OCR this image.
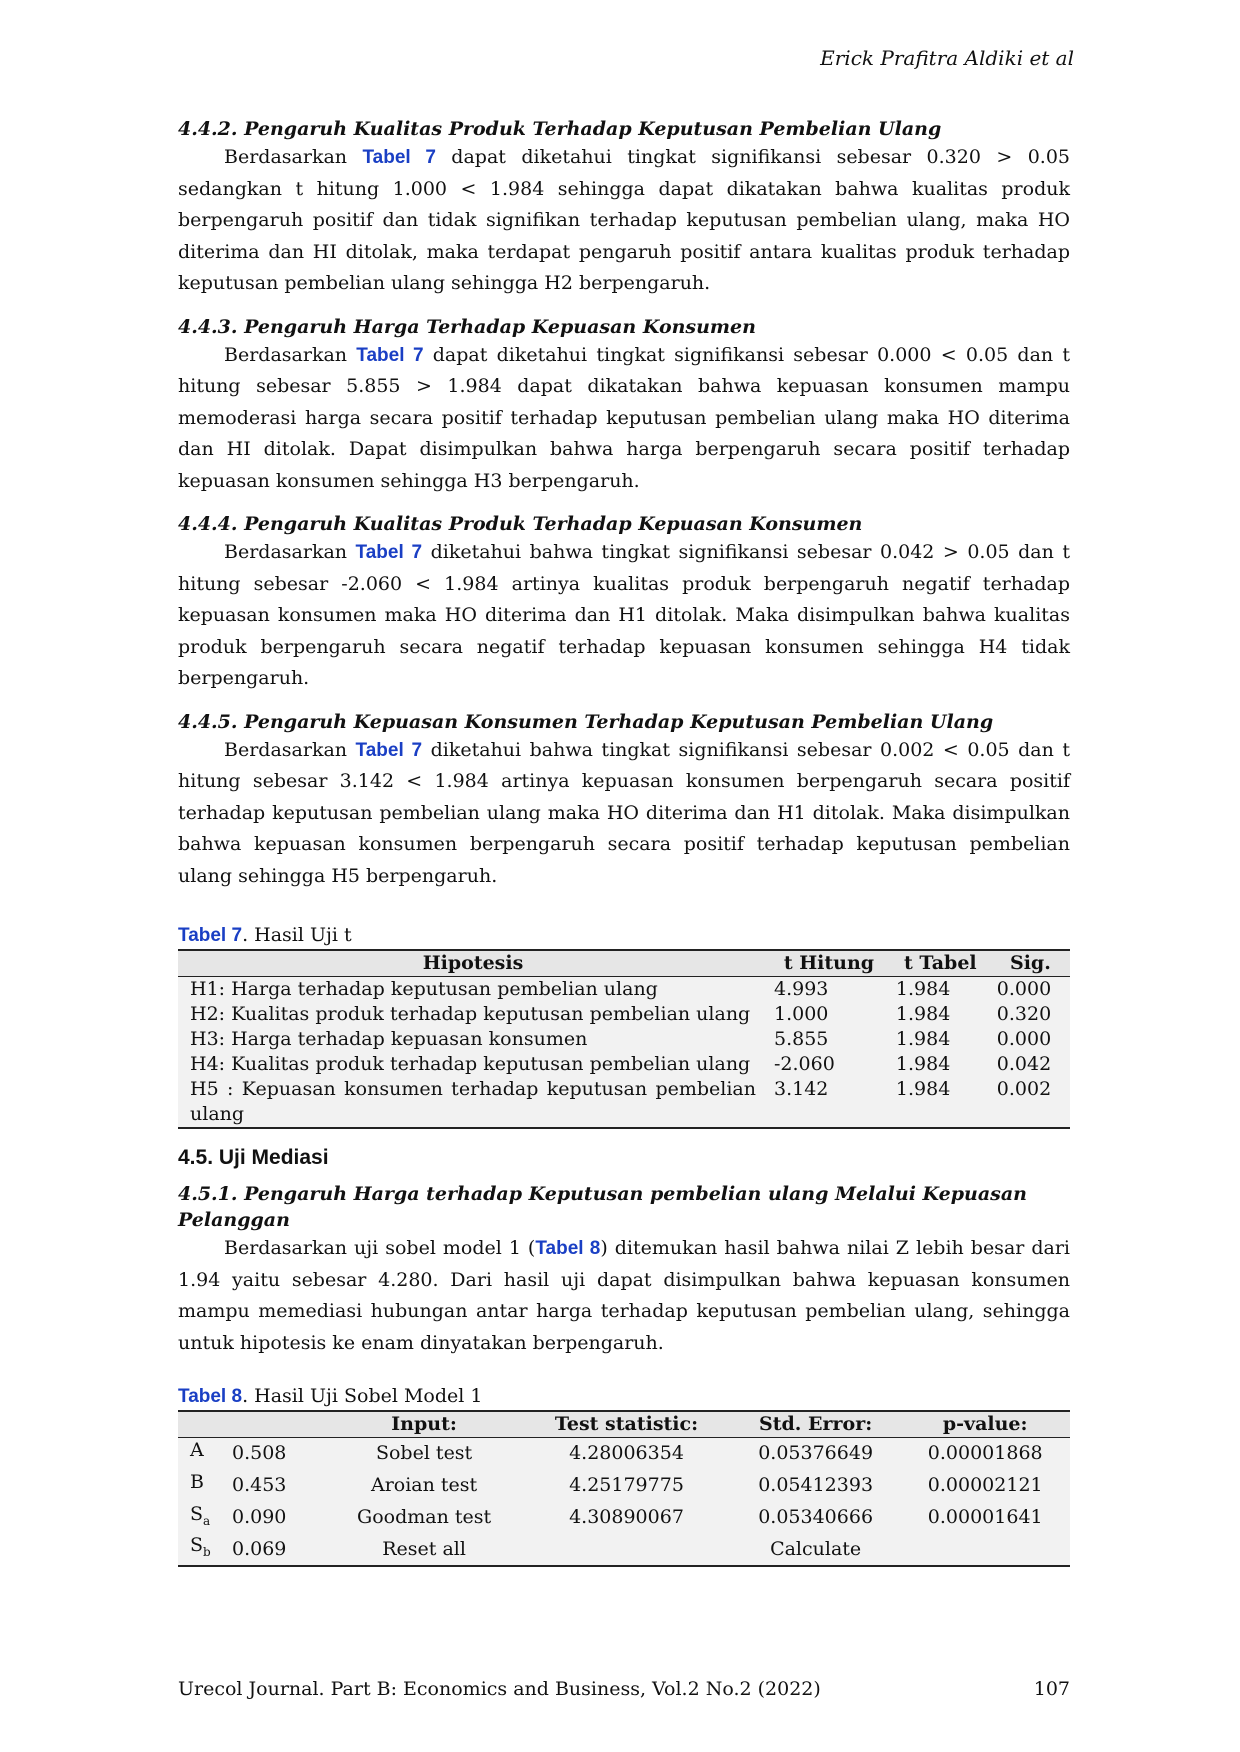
Erick Prafitra Aldiki et al
4.4.2. Pengaruh Kualitas Produk Terhadap Keputusan Pembelian Ulang

Berdasarkan Tabel 7 dapat diketahui tingkat signifikansi sebesar 0.320 > 0.05 sedangkan t hitung 1.000 < 1.984 sehingga dapat dikatakan bahwa kualitas produk berpengaruh positif dan tidak signifikan terhadap keputusan pembelian ulang, maka HO diterima dan HI ditolak, maka terdapat pengaruh positif antara kualitas produk terhadap keputusan pembelian ulang sehingga H2 berpengaruh.

4.4.3. Pengaruh Harga Terhadap Kepuasan Konsumen

Berdasarkan Tabel 7 dapat diketahui tingkat signifikansi sebesar 0.000 < 0.05 dan t hitung sebesar 5.855 > 1.984 dapat dikatakan bahwa kepuasan konsumen mampu memoderasi harga secara positif terhadap keputusan pembelian ulang maka HO diterima dan HI ditolak. Dapat disimpulkan bahwa harga berpengaruh secara positif terhadap kepuasan konsumen sehingga H3 berpengaruh.

4.4.4. Pengaruh Kualitas Produk Terhadap Kepuasan Konsumen

Berdasarkan Tabel 7 diketahui bahwa tingkat signifikansi sebesar 0.042 > 0.05 dan t hitung sebesar -2.060 < 1.984 artinya kualitas produk berpengaruh negatif terhadap kepuasan konsumen maka HO diterima dan H1 ditolak. Maka disimpulkan bahwa kualitas produk berpengaruh secara negatif terhadap kepuasan konsumen sehingga H4 tidak berpengaruh.

4.4.5. Pengaruh Kepuasan Konsumen Terhadap Keputusan Pembelian Ulang

Berdasarkan Tabel 7 diketahui bahwa tingkat signifikansi sebesar 0.002 < 0.05 dan t hitung sebesar 3.142 < 1.984 artinya kepuasan konsumen berpengaruh secara positif terhadap keputusan pembelian ulang maka HO diterima dan H1 ditolak. Maka disimpulkan bahwa kepuasan konsumen berpengaruh secara positif terhadap keputusan pembelian ulang sehingga H5 berpengaruh.

Tabel 7. Hasil Uji t

Hipotesis	t Hitung	t Tabel	Sig.
H1: Harga terhadap keputusan pembelian ulang	4.993	1.984	0.000
H2: Kualitas produk terhadap keputusan pembelian ulang	1.000	1.984	0.320
H3: Harga terhadap kepuasan konsumen	5.855	1.984	0.000
H4: Kualitas produk terhadap keputusan pembelian ulang	-2.060	1.984	0.042
H5 : Kepuasan konsumen terhadap keputusan pembelian ulang	3.142	1.984	0.002
4.5. Uji Mediasi
4.5.1. Pengaruh Harga terhadap Keputusan pembelian ulang Melalui Kepuasan Pelanggan

Berdasarkan uji sobel model 1 (Tabel 8) ditemukan hasil bahwa nilai Z lebih besar dari 1.94 yaitu sebesar 4.280. Dari hasil uji dapat disimpulkan bahwa kepuasan konsumen mampu memediasi hubungan antar harga terhadap keputusan pembelian ulang, sehingga untuk hipotesis ke enam dinyatakan berpengaruh.

Tabel 8. Hasil Uji Sobel Model 1

		Input:	Test statistic:	Std. Error:	p-value:
A	0.508	Sobel test	4.28006354	0.05376649	0.00001868
B	0.453	Aroian test	4.25179775	0.05412393	0.00002121
$S_a$	0.090	Goodman test	4.30890067	0.05340666	0.00001641
$S_b$	0.069	Reset all		Calculate	
Urecol Journal. Part B: Economics and Business, Vol.2 No.2 (2022)	107
